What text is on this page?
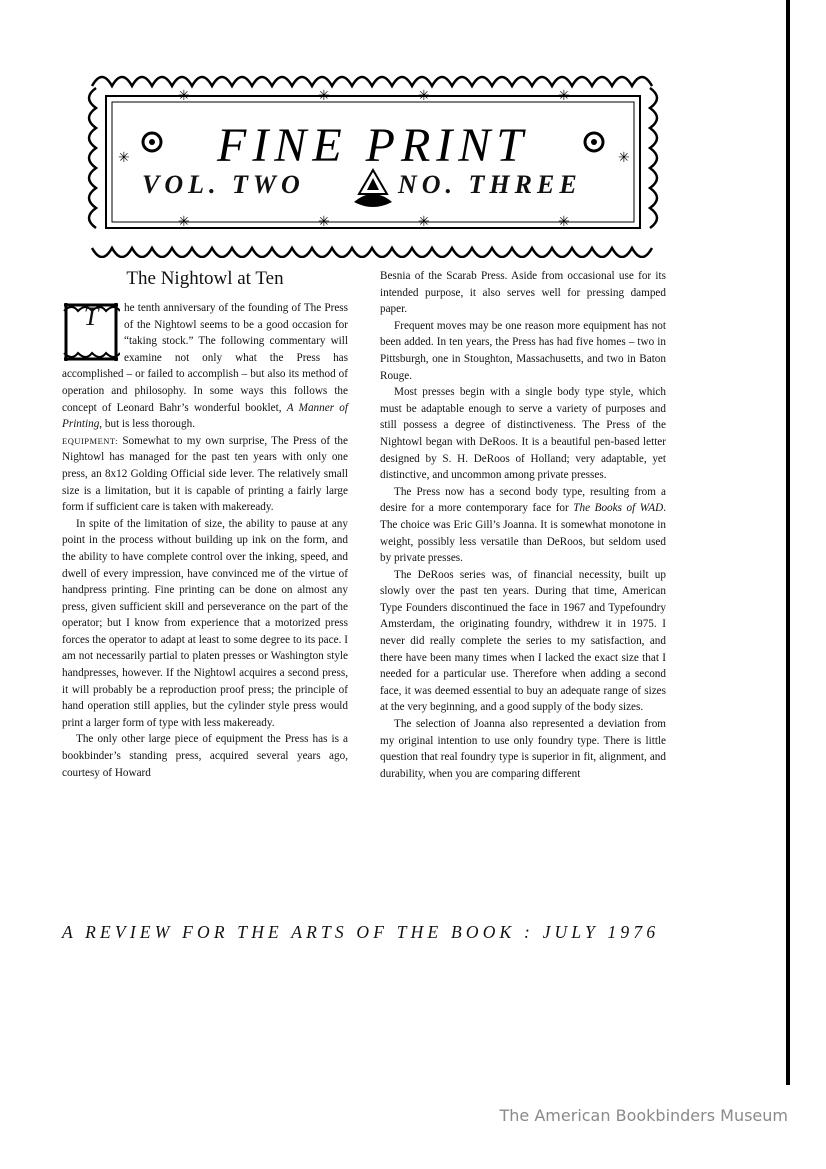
✳	✳	✳	✳
✳	✳	✳	✳
✳	✳
FINE PRINT
VOL. TWO	NO. THREE
The Nightowl at Ten

T	he tenth anniversary of the founding of The Press of the Nightowl seems to be a good occasion for “taking stock.” The following commentary will examine not only what the Press has accomplished – or failed to accomplish – but also its method of operation and philosophy. In some ways this follows the concept of Leonard Bahr’s wonderful booklet, A Manner of Printing, but is less thorough.

EQUIPMENT: Somewhat to my own surprise, The Press of the Nightowl has managed for the past ten years with only one press, an 8x12 Golding Official side lever. The relatively small size is a limitation, but it is capable of printing a fairly large form if sufficient care is taken with makeready.

In spite of the limitation of size, the ability to pause at any point in the process without building up ink on the form, and the ability to have complete control over the inking, speed, and dwell of every impression, have convinced me of the virtue of handpress printing. Fine printing can be done on almost any press, given sufficient skill and perseverance on the part of the operator; but I know from experience that a motorized press forces the operator to adapt at least to some degree to its pace. I am not necessarily partial to platen presses or Washington style handpresses, however. If the Nightowl acquires a second press, it will probably be a reproduction proof press; the principle of hand operation still applies, but the cylinder style press would print a larger form of type with less makeready.

The only other large piece of equipment the Press has is a bookbinder’s standing press, acquired several years ago, courtesy of Howard

Besnia of the Scarab Press. Aside from occasional use for its intended purpose, it also serves well for pressing damped paper.

Frequent moves may be one reason more equipment has not been added. In ten years, the Press has had five homes – two in Pittsburgh, one in Stoughton, Massachusetts, and two in Baton Rouge.

Most presses begin with a single body type style, which must be adaptable enough to serve a variety of purposes and still possess a degree of distinctiveness. The Press of the Nightowl began with DeRoos. It is a beautiful pen-based letter designed by S. H. DeRoos of Holland; very adaptable, yet distinctive, and uncommon among private presses.

The Press now has a second body type, resulting from a desire for a more contemporary face for The Books of WAD. The choice was Eric Gill’s Joanna. It is somewhat monotone in weight, possibly less versatile than DeRoos, but seldom used by private presses.

The DeRoos series was, of financial necessity, built up slowly over the past ten years. During that time, American Type Founders discontinued the face in 1967 and Typefoundry Amsterdam, the originating foundry, withdrew it in 1975. I never did really complete the series to my satisfaction, and there have been many times when I lacked the exact size that I needed for a particular use. Therefore when adding a second face, it was deemed essential to buy an adequate range of sizes at the very beginning, and a good supply of the body sizes.

The selection of Joanna also represented a deviation from my original intention to use only foundry type. There is little question that real foundry type is superior in fit, alignment, and durability, when you are comparing different

A REVIEW FOR THE ARTS OF THE BOOK : JULY 1976
The American Bookbinders Museum
